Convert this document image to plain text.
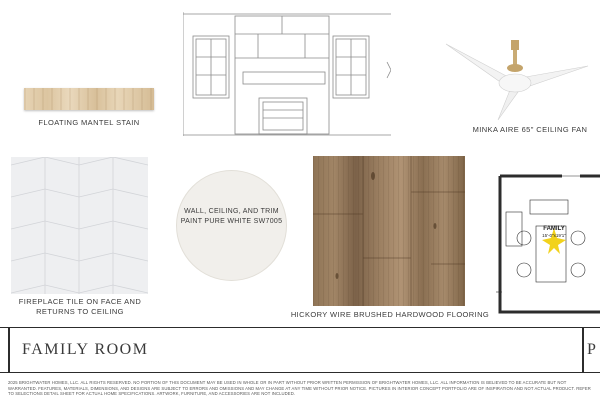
FLOATING MANTEL STAIN
MINKA AIRE 65" CEILING FAN
FIREPLACE TILE ON FACE AND RETURNS TO CEILING
WALL, CEILING, AND TRIM PAINT PURE WHITE SW7005
HICKORY WIRE BRUSHED HARDWOOD FLOORING
FAMILY
15'-0"x19'1"
FAMILY ROOM	P
2025 BRIGHTWATER HOMES, LLC. ALL RIGHTS RESERVED. NO PORTION OF THIS DOCUMENT MAY BE USED IN WHOLE OR IN PART WITHOUT PRIOR WRITTEN PERMISSION OF BRIGHTWATER HOMES, LLC. ALL INFORMATION IS BELIEVED TO BE ACCURATE BUT NOT WARRANTED. FEATURES, MATERIALS, DIMENSIONS, AND DESIGNS ARE SUBJECT TO ERRORS AND OMISSIONS AND MAY CHANGE AT ANY TIME WITHOUT PRIOR NOTICE. PICTURES IN INTERIOR CONCEPT PORTFOLIO ARE OF INSPIRATION AND NOT ACTUAL PRODUCT. REFER TO SELECTIONS DETAIL SHEET FOR ACTUAL HOME SPECIFICATIONS. ARTWORK, FURNITURE, AND ACCESSORIES ARE NOT INCLUDED.
